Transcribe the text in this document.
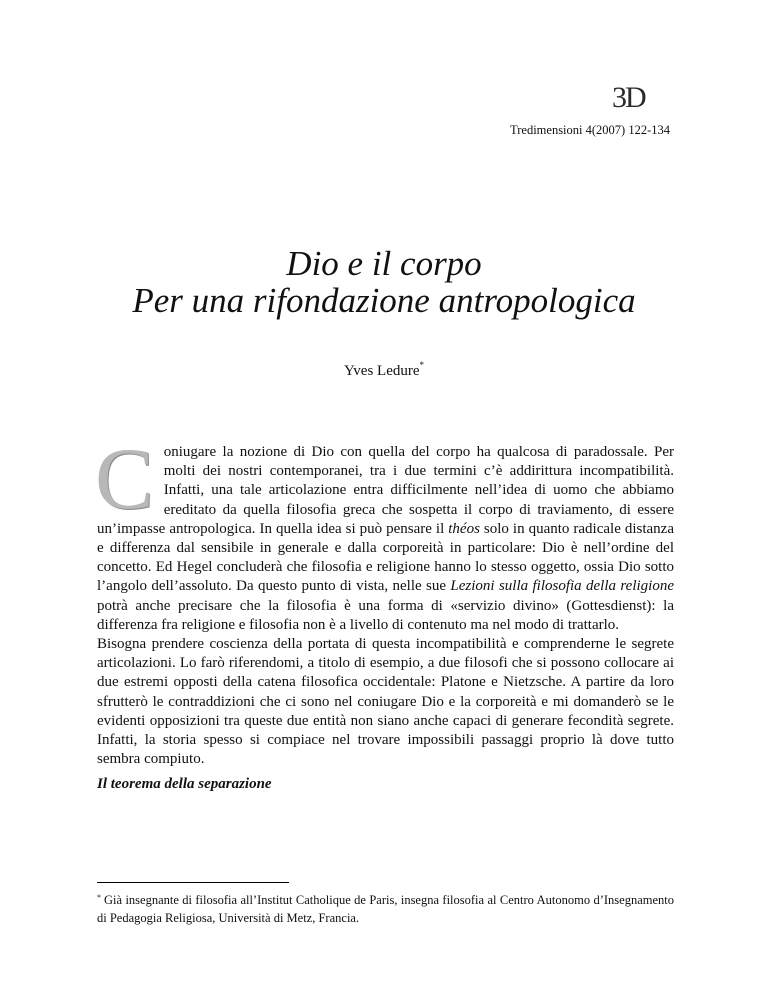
3D
Tredimensioni 4(2007) 122-134
Dio e il corpo
Per una rifondazione antropologica
Yves Ledure*

Coniugare la nozione di Dio con quella del corpo ha qualcosa di paradossale. Per molti dei nostri contemporanei, tra i due termini c’è addirittura incompatibilità. Infatti, una tale articolazione entra difficilmente nell’idea di uomo che abbiamo ereditato da quella filosofia greca che sospetta il corpo di traviamento, di essere un’impasse antropologica. In quella idea si può pensare il théos solo in quanto radicale distanza e differenza dal sensibile in generale e dalla corporeità in particolare: Dio è nell’ordine del concetto. Ed Hegel concluderà che filosofia e religione hanno lo stesso oggetto, ossia Dio sotto l’angolo dell’assoluto. Da questo punto di vista, nelle sue Lezioni sulla filosofia della religione potrà anche precisare che la filosofia è una forma di «servizio divino» (Gottesdienst): la differenza fra religione e filosofia non è a livello di contenuto ma nel modo di trattarlo.

Bisogna prendere coscienza della portata di questa incompatibilità e comprenderne le segrete articolazioni. Lo farò riferendomi, a titolo di esempio, a due filosofi che si possono collocare ai due estremi opposti della catena filosofica occidentale: Platone e Nietzsche. A partire da loro sfrutterò le contraddizioni che ci sono nel coniugare Dio e la corporeità e mi domanderò se le evidenti opposizioni tra queste due entità non siano anche capaci di generare fecondità segrete. Infatti, la storia spesso si compiace nel trovare impossibili passaggi proprio là dove tutto sembra compiuto.

Il teorema della separazione
* Già insegnante di filosofia all’Institut Catholique de Paris, insegna filosofia al Centro Autonomo d’Insegnamento di Pedagogia Religiosa, Università di Metz, Francia.
